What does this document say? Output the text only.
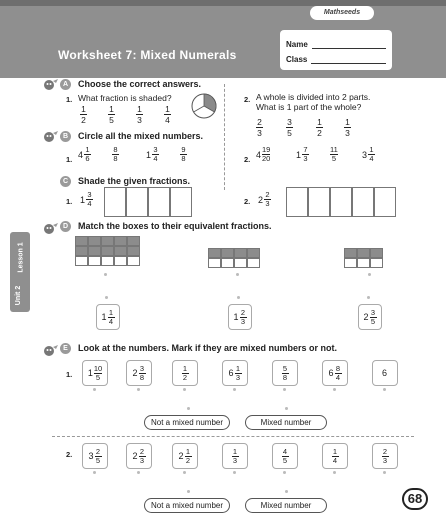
Mathseeds
Worksheet 7: Mixed Numerals
Name
Class
Lesson 1
Unit 2
A	Choose the correct answers.
1. What fraction is shaded?
1
2
1
5
1
3
1
4
2. A whole is divided into 2 parts.
What is 1 part of the whole?
2
3
3
5
1
2
1
3
B	Circle all the mixed numbers.
1. $4 \frac{1}{6}$	$\frac{8}{8}$	$1 \frac{3}{4}$	$\frac{9}{8}$	2. $4 \frac{19}{20}$	$1 \frac{7}{3}$	$\frac{11}{5}$	$3 \frac{1}{4}$
C	Shade the given fractions.
1. $1 \frac{3}{4}$	2. $2 \frac{2}{3}$
D	Match the boxes to their equivalent fractions.
$1 \frac{1}{4}$	$1 \frac{2}{3}$	$2 \frac{3}{5}$
E	Look at the numbers. Mark if they are mixed numbers or not.
1. $1 \frac{10}{5}$	$2 \frac{3}{8}$	$\frac{1}{2}$	$6 \frac{1}{3}$	$\frac{5}{8}$	$6 \frac{8}{4}$	6
Not a mixed number	Mixed number
2. $3 \frac{2}{5}$	$2 \frac{2}{3}$	$2 \frac{1}{2}$	$\frac{1}{3}$	$\frac{4}{5}$	$\frac{1}{4}$	$\frac{2}{3}$
Not a mixed number	Mixed number	68
